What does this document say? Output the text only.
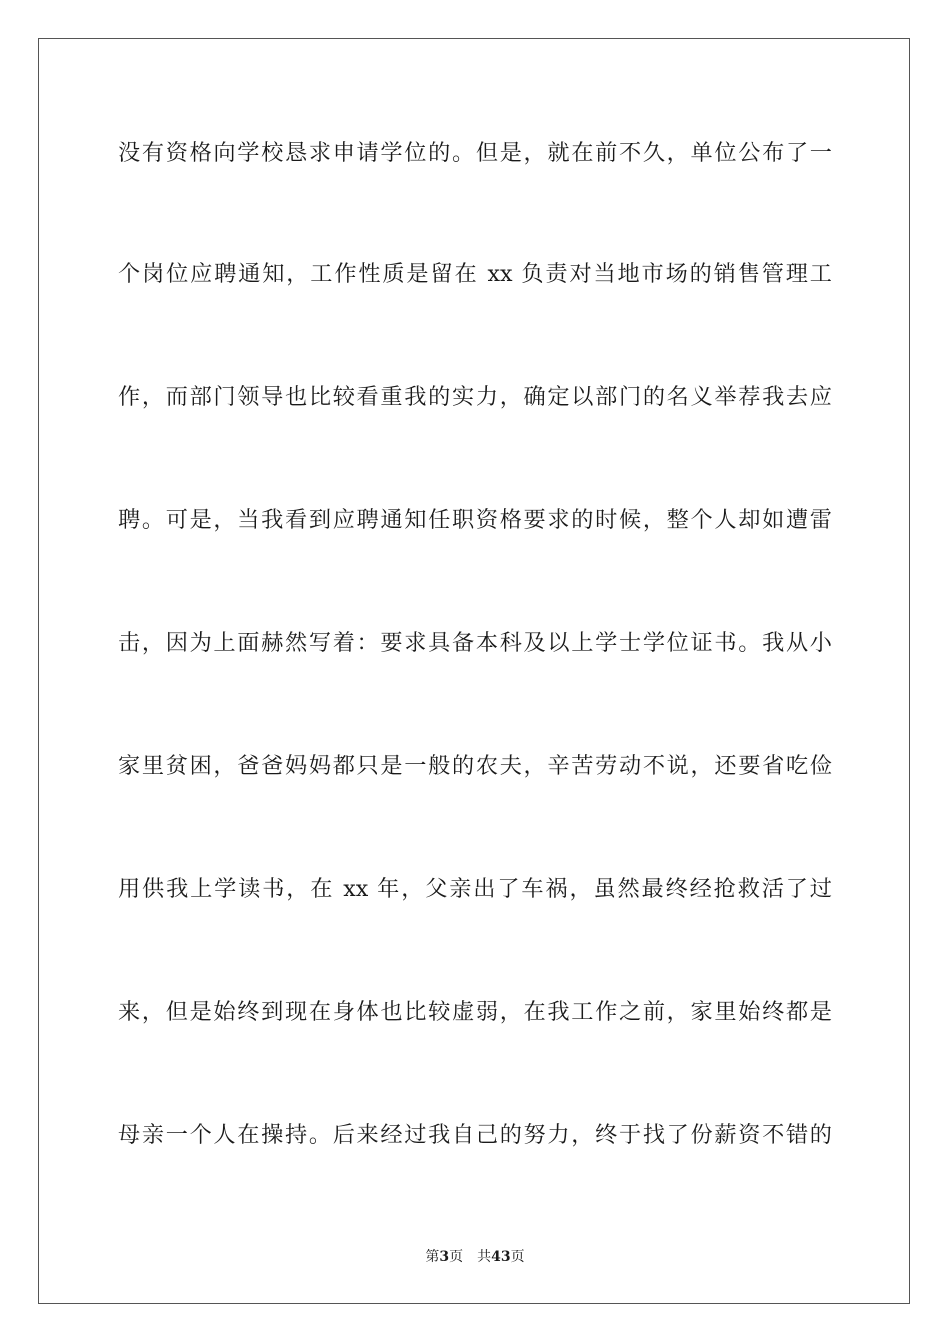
没有资格向学校恳求申请学位的。但是，就在前不久，单位公布了一
个岗位应聘通知，工作性质是留在 xx 负责对当地市场的销售管理工
作，而部门领导也比较看重我的实力，确定以部门的名义举荐我去应
聘。可是，当我看到应聘通知任职资格要求的时候，整个人却如遭雷
击，因为上面赫然写着：要求具备本科及以上学士学位证书。我从小
家里贫困，爸爸妈妈都只是一般的农夫，辛苦劳动不说，还要省吃俭
用供我上学读书，在 xx 年，父亲出了车祸，虽然最终经抢救活了过
来，但是始终到现在身体也比较虚弱，在我工作之前，家里始终都是
母亲一个人在操持。后来经过我自己的努力，终于找了份薪资不错的
第3页 共43页
